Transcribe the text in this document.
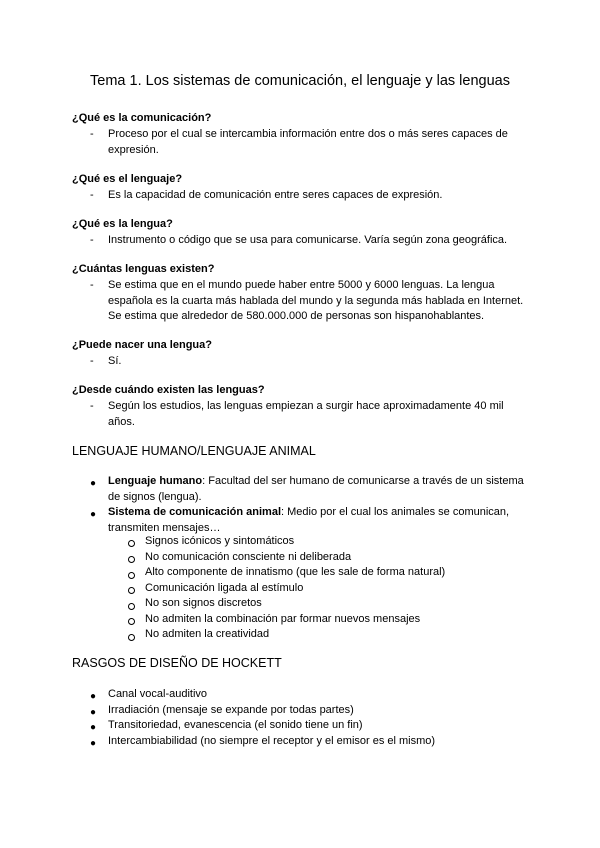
Tema 1. Los sistemas de comunicación, el lenguaje y las lenguas

¿Qué es la comunicación?

- Proceso por el cual se intercambia información entre dos o más seres capaces de expresión.

¿Qué es el lenguaje?

- Es la capacidad de comunicación entre seres capaces de expresión.

¿Qué es la lengua?

- Instrumento o código que se usa para comunicarse. Varía según zona geográfica.

¿Cuántas lenguas existen?

- Se estima que en el mundo puede haber entre 5000 y 6000 lenguas. La lengua española es la cuarta más hablada del mundo y la segunda más hablada en Internet. Se estima que alrededor de 580.000.000 de personas son hispanohablantes.

¿Puede nacer una lengua?

- Sí.

¿Desde cuándo existen las lenguas?

- Según los estudios, las lenguas empiezan a surgir hace aproximadamente 40 mil años.

LENGUAJE HUMANO/LENGUAJE ANIMAL
● Lenguaje humano: Facultad del ser humano de comunicarse a través de un sistema de signos (lengua).

● Sistema de comunicación animal: Medio por el cual los animales se comunican, transmiten mensajes…

Signos icónicos y sintomáticos

No comunicación consciente ni deliberada

Alto componente de innatismo (que les sale de forma natural)

Comunicación ligada al estímulo

No son signos discretos

No admiten la combinación par formar nuevos mensajes

No admiten la creatividad

RASGOS DE DISEÑO DE HOCKETT
● Canal vocal-auditivo

● Irradiación (mensaje se expande por todas partes)

● Transitoriedad, evanescencia (el sonido tiene un fin)

● Intercambiabilidad (no siempre el receptor y el emisor es el mismo)
